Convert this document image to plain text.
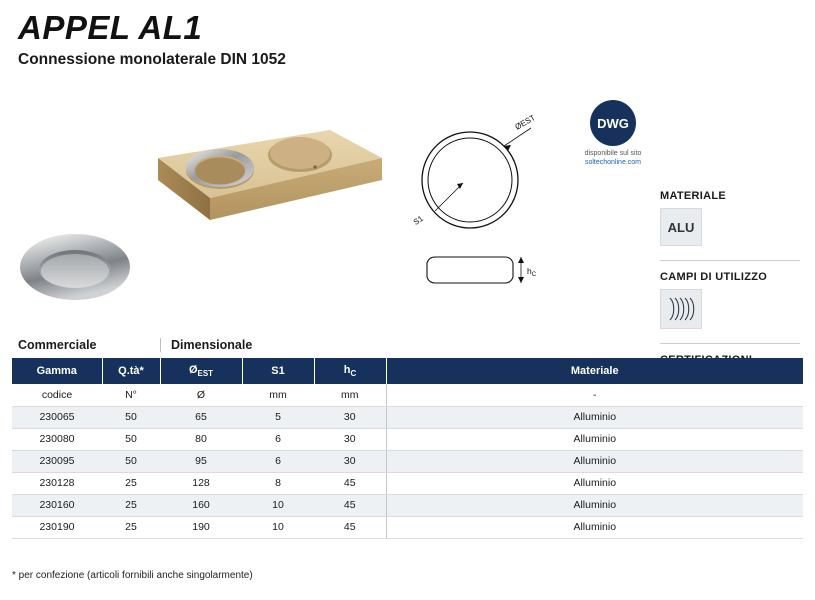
APPEL AL1
Connessione monolaterale DIN 1052
ØEST
S1
$h_C$
DWG
disponibile sul sito
soltechonline.com
MATERIALE
ALU
CAMPI DI UTILIZZO
Commerciale	Dimensionale
Gamma	Q.tà*	$Ø_{EST}$	S1	$h_C$	Materiale
codice	N°	Ø	mm	mm	-
230065	50	65	5	30	Alluminio
230080	50	80	6	30	Alluminio
230095	50	95	6	30	Alluminio
230128	25	128	8	45	Alluminio
230160	25	160	10	45	Alluminio
230190	25	190	10	45	Alluminio
* per confezione (articoli fornibili anche singolarmente)
